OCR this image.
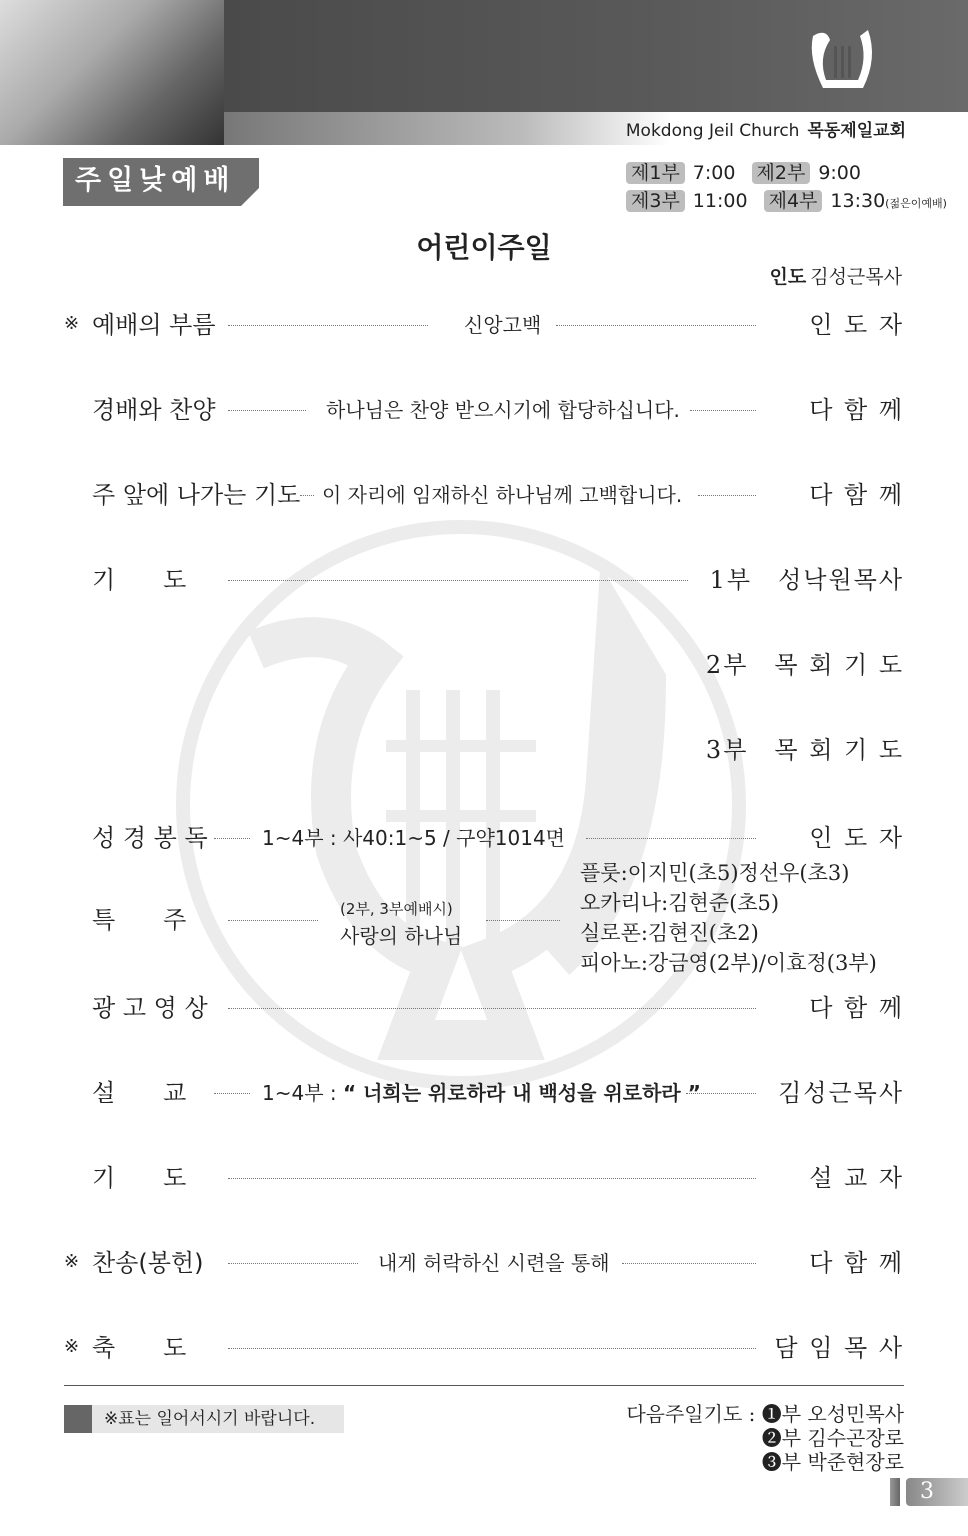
Mokdong Jeil Church 목동제일교회
주일낮예배	제1부 7:00 제2부 9:00
제3부 11:00 제4부 13:30(젊은이예배)
어린이주일
인도 김성근목사
※ 예배의 부름	신앙고백	인 도 자
경배와 찬양	하나님은 찬양 받으시기에 합당하십니다.	다 함 께
주 앞에 나가는 기도 이 자리에 임재하신 하나님께 고백합니다.	다 함 께
기　　도	1부　성낙원목사
2부　목 회 기 도
3부　목 회 기 도
성 경 봉 독	1~4부 : 사40:1~5 / 구약1014면	인 도 자
특　　주	(2부, 3부예배시)
사랑의 하나님
플룻:이지민(초5)정선우(초3)
오카리나:김현준(초5)
실로폰:김현진(초2)
피아노:강금영(2부)/이효정(3부)
광 고 영 상	다 함 께
설　　교	1~4부 : “ 너희는 위로하라 내 백성을 위로하라 ”	김성근목사
기　　도	설 교 자
※ 찬송(봉헌)	내게 허락하신 시련을 통해	다 함 께
※ 축　　도	담 임 목 사
※표는 일어서시기 바랍니다.	다음주일기도 : ❶부 오성민목사
❷부 김수곤장로
❸부 박준현장로
3
